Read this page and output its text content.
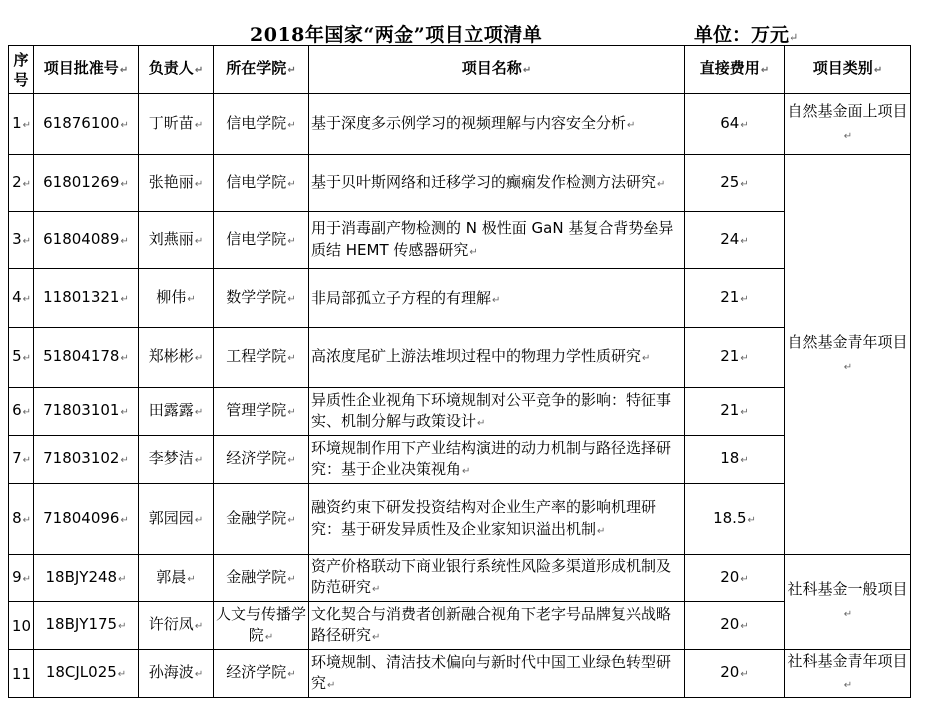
2018年国家“两金”项目立项清单	单位：万元↵
序号	项目批准号↵	负责人↵	所在学院↵	项目名称↵	直接费用↵	项目类别↵
1↵	61876100↵	丁昕苗↵	信电学院↵	基于深度多示例学习的视频理解与内容安全分析↵	64↵	自然基金面上项目↵
2↵	61801269↵	张艳丽↵	信电学院↵	基于贝叶斯网络和迁移学习的癫痫发作检测方法研究↵	25↵	自然基金青年项目↵
3↵	61804089↵	刘燕丽↵	信电学院↵	用于消毒副产物检测的 N 极性面 GaN 基复合背势垒异质结 HEMT 传感器研究↵	24↵	
4↵	11801321↵	柳伟↵	数学学院↵	非局部孤立子方程的有理解↵	21↵	
5↵	51804178↵	郑彬彬↵	工程学院↵	高浓度尾矿上游法堆坝过程中的物理力学性质研究↵	21↵	
6↵	71803101↵	田露露↵	管理学院↵	异质性企业视角下环境规制对公平竞争的影响：特征事实、机制分解与政策设计↵	21↵	
7↵	71803102↵	李梦洁↵	经济学院↵	环境规制作用下产业结构演进的动力机制与路径选择研究：基于企业决策视角↵	18↵	
8↵	71804096↵	郭园园↵	金融学院↵	融资约束下研发投资结构对企业生产率的影响机理研究：基于研发异质性及企业家知识溢出机制↵	18.5↵	
9↵	18BJY248↵	郭晨↵	金融学院↵	资产价格联动下商业银行系统性风险多渠道形成机制及防范研究↵	20↵	社科基金一般项目↵
10	18BJY175↵	许衍凤↵	人文与传播学院↵	文化契合与消费者创新融合视角下老字号品牌复兴战略路径研究↵	20↵	
11	18CJL025↵	孙海波↵	经济学院↵	环境规制、清洁技术偏向与新时代中国工业绿色转型研究↵	20↵	社科基金青年项目↵
